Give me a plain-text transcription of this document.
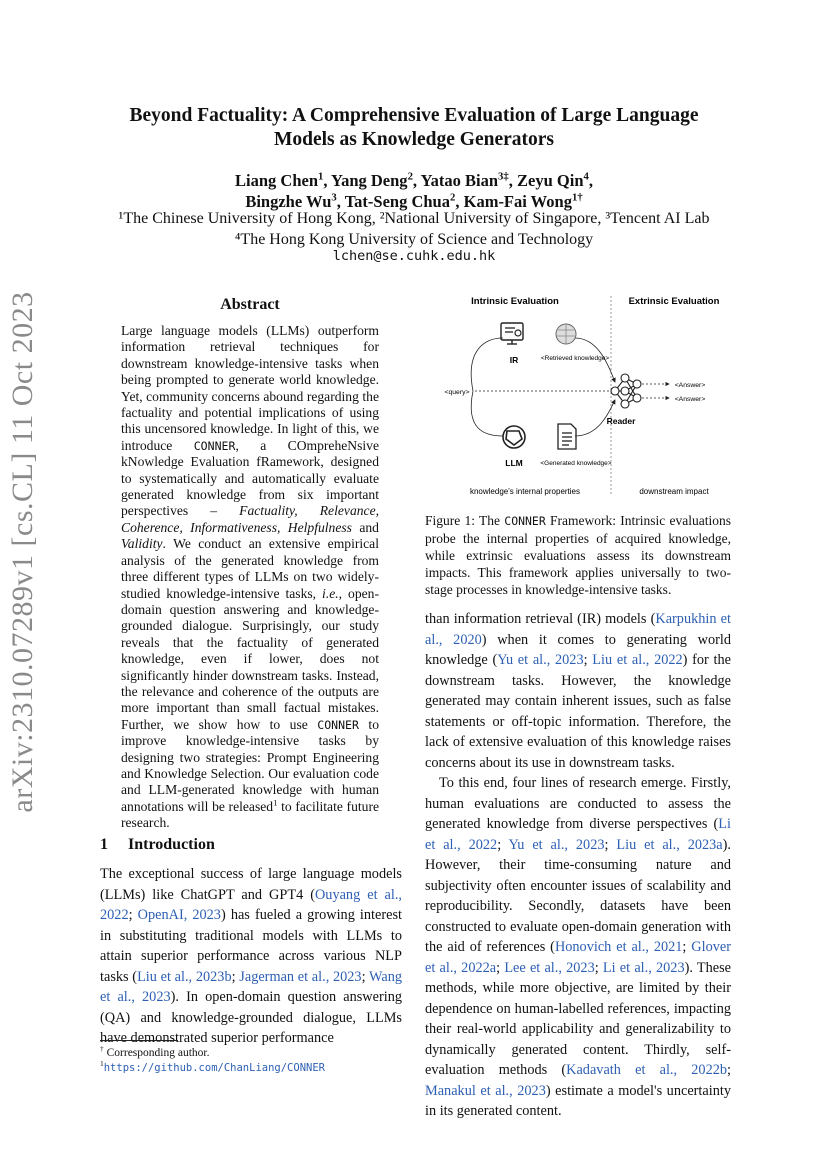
arXiv:2310.07289v1 [cs.CL] 11 Oct 2023
Beyond Factuality: A Comprehensive Evaluation of Large Language Models as Knowledge Generators
Liang Chen$^1$, Yang Deng$^2$, Yatao Bian$^{3\ddagger}$, Zeyu Qin$^4$,
Bingzhe Wu$^3$, Tat-Seng Chua$^2$, Kam-Fai Wong$^{1\dagger}$
¹The Chinese University of Hong Kong, ²National University of Singapore, ³Tencent AI Lab
⁴The Hong Kong University of Science and Technology
lchen@se.cuhk.edu.hk
Abstract
Large language models (LLMs) outperform information retrieval techniques for downstream knowledge-intensive tasks when being prompted to generate world knowledge. Yet, community concerns abound regarding the factuality and potential implications of using this uncensored knowledge. In light of this, we introduce CONNER, a COmpreheNsive kNowledge Evaluation fRamework, designed to systematically and automatically evaluate generated knowledge from six important perspectives – Factuality, Relevance, Coherence, Informativeness, Helpfulness and Validity. We conduct an extensive empirical analysis of the generated knowledge from three different types of LLMs on two widely-studied knowledge-intensive tasks, i.e., open-domain question answering and knowledge-grounded dialogue. Surprisingly, our study reveals that the factuality of generated knowledge, even if lower, does not significantly hinder downstream tasks. Instead, the relevance and coherence of the outputs are more important than small factual mistakes. Further, we show how to use CONNER to improve knowledge-intensive tasks by designing two strategies: Prompt Engineering and Knowledge Selection. Our evaluation code and LLM-generated knowledge with human annotations will be released$^1$ to facilitate future research.
1 Introduction
The exceptional success of large language models (LLMs) like ChatGPT and GPT4 (Ouyang et al., 2022; OpenAI, 2023) has fueled a growing interest in substituting traditional models with LLMs to attain superior performance across various NLP tasks (Liu et al., 2023b; Jagerman et al., 2023; Wang et al., 2023). In open-domain question answering (QA) and knowledge-grounded dialogue, LLMs have demonstrated superior performance
† Corresponding author.
$^1$https://github.com/ChanLiang/CONNER
Intrinsic Evaluation	Extrinsic Evaluation
IR	<Retrieved knowledge>
<query>
<Answer>
<Answer>
Reader
LLM	<Generated knowledge>
knowledge's internal properties	downstream impact
Figure 1: The CONNER Framework: Intrinsic evaluations probe the internal properties of acquired knowledge, while extrinsic evaluations assess its downstream impacts. This framework applies universally to two-stage processes in knowledge-intensive tasks.
than information retrieval (IR) models (Karpukhin et al., 2020) when it comes to generating world knowledge (Yu et al., 2023; Liu et al., 2022) for the downstream tasks. However, the knowledge generated may contain inherent issues, such as false statements or off-topic information. Therefore, the lack of extensive evaluation of this knowledge raises concerns about its use in downstream tasks.
To this end, four lines of research emerge. Firstly, human evaluations are conducted to assess the generated knowledge from diverse perspectives (Li et al., 2022; Yu et al., 2023; Liu et al., 2023a). However, their time-consuming nature and subjectivity often encounter issues of scalability and reproducibility. Secondly, datasets have been constructed to evaluate open-domain generation with the aid of references (Honovich et al., 2021; Glover et al., 2022a; Lee et al., 2023; Li et al., 2023). These methods, while more objective, are limited by their dependence on human-labelled references, impacting their real-world applicability and generalizability to dynamically generated content. Thirdly, self-evaluation methods (Kadavath et al., 2022b; Manakul et al., 2023) estimate a model's uncertainty in its generated content.
